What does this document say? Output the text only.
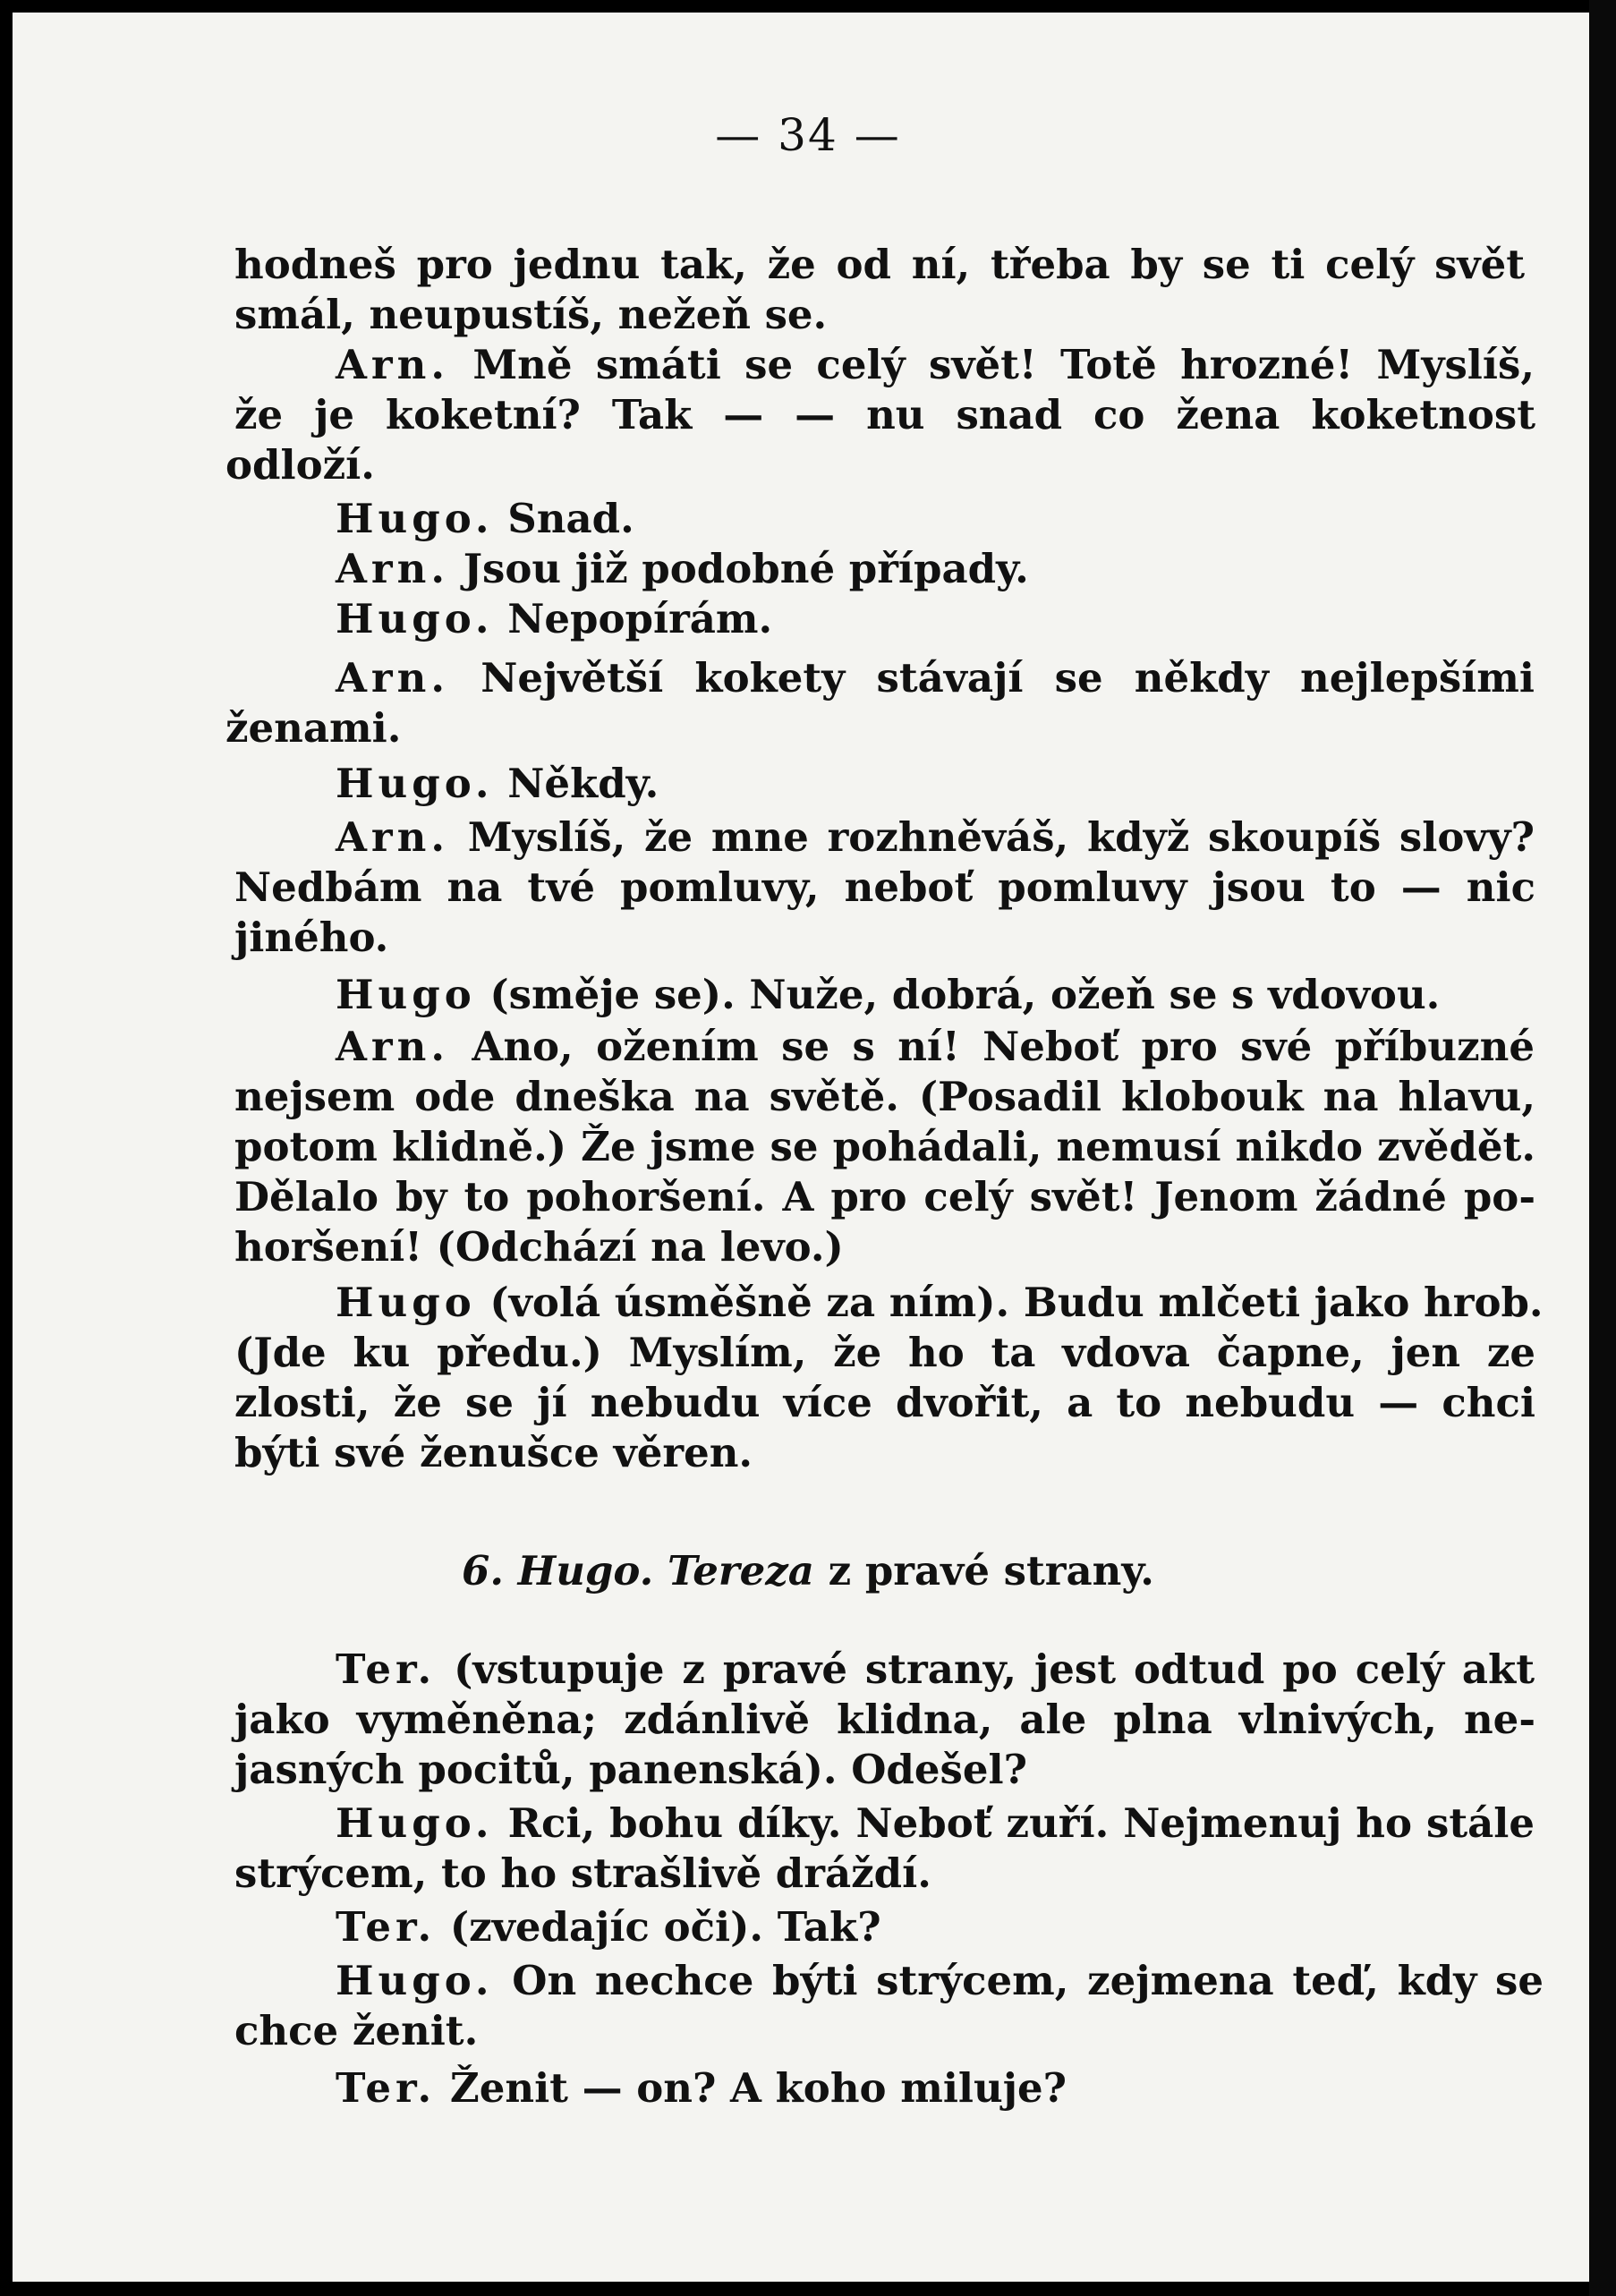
— 34 —
hodneš pro jednu tak, že od ní, třeba by se ti celý svět
smál, neupustíš, nežeň se.
Arn. Mně smáti se celý svět! Totě hrozné! Myslíš,
že je koketní? Tak — — nu snad co žena koketnost
odloží.
Hugo. Snad.
Arn. Jsou již podobné případy.
Hugo. Nepopírám.
Arn. Největší kokety stávají se někdy nejlepšími
ženami.
Hugo. Někdy.
Arn. Myslíš, že mne rozhněváš, když skoupíš slovy?
Nedbám na tvé pomluvy, neboť pomluvy jsou to — nic
jiného.
Hugo (směje se). Nuže, dobrá, ožeň se s vdovou.
Arn. Ano, ožením se s ní! Neboť pro své příbuzné
nejsem ode dneška na světě. (Posadil klobouk na hlavu,
potom klidně.) Že jsme se pohádali, nemusí nikdo zvědět.
Dělalo by to pohoršení. A pro celý svět! Jenom žádné po-
horšení! (Odchází na levo.)
Hugo (volá úsměšně za ním). Budu mlčeti jako hrob.
(Jde ku předu.) Myslím, že ho ta vdova čapne, jen ze
zlosti, že se jí nebudu více dvořit, a to nebudu — chci
býti své ženušce věren.
6. Hugo. Tereza z pravé strany.
Ter. (vstupuje z pravé strany, jest odtud po celý akt
jako vyměněna; zdánlivě klidna, ale plna vlnivých, ne-
jasných pocitů, panenská). Odešel?
Hugo. Rci, bohu díky. Neboť zuří. Nejmenuj ho stále
strýcem, to ho strašlivě dráždí.
Ter. (zvedajíc oči). Tak?
Hugo. On nechce býti strýcem, zejmena teď, kdy se
chce ženit.
Ter. Ženit — on? A koho miluje?
